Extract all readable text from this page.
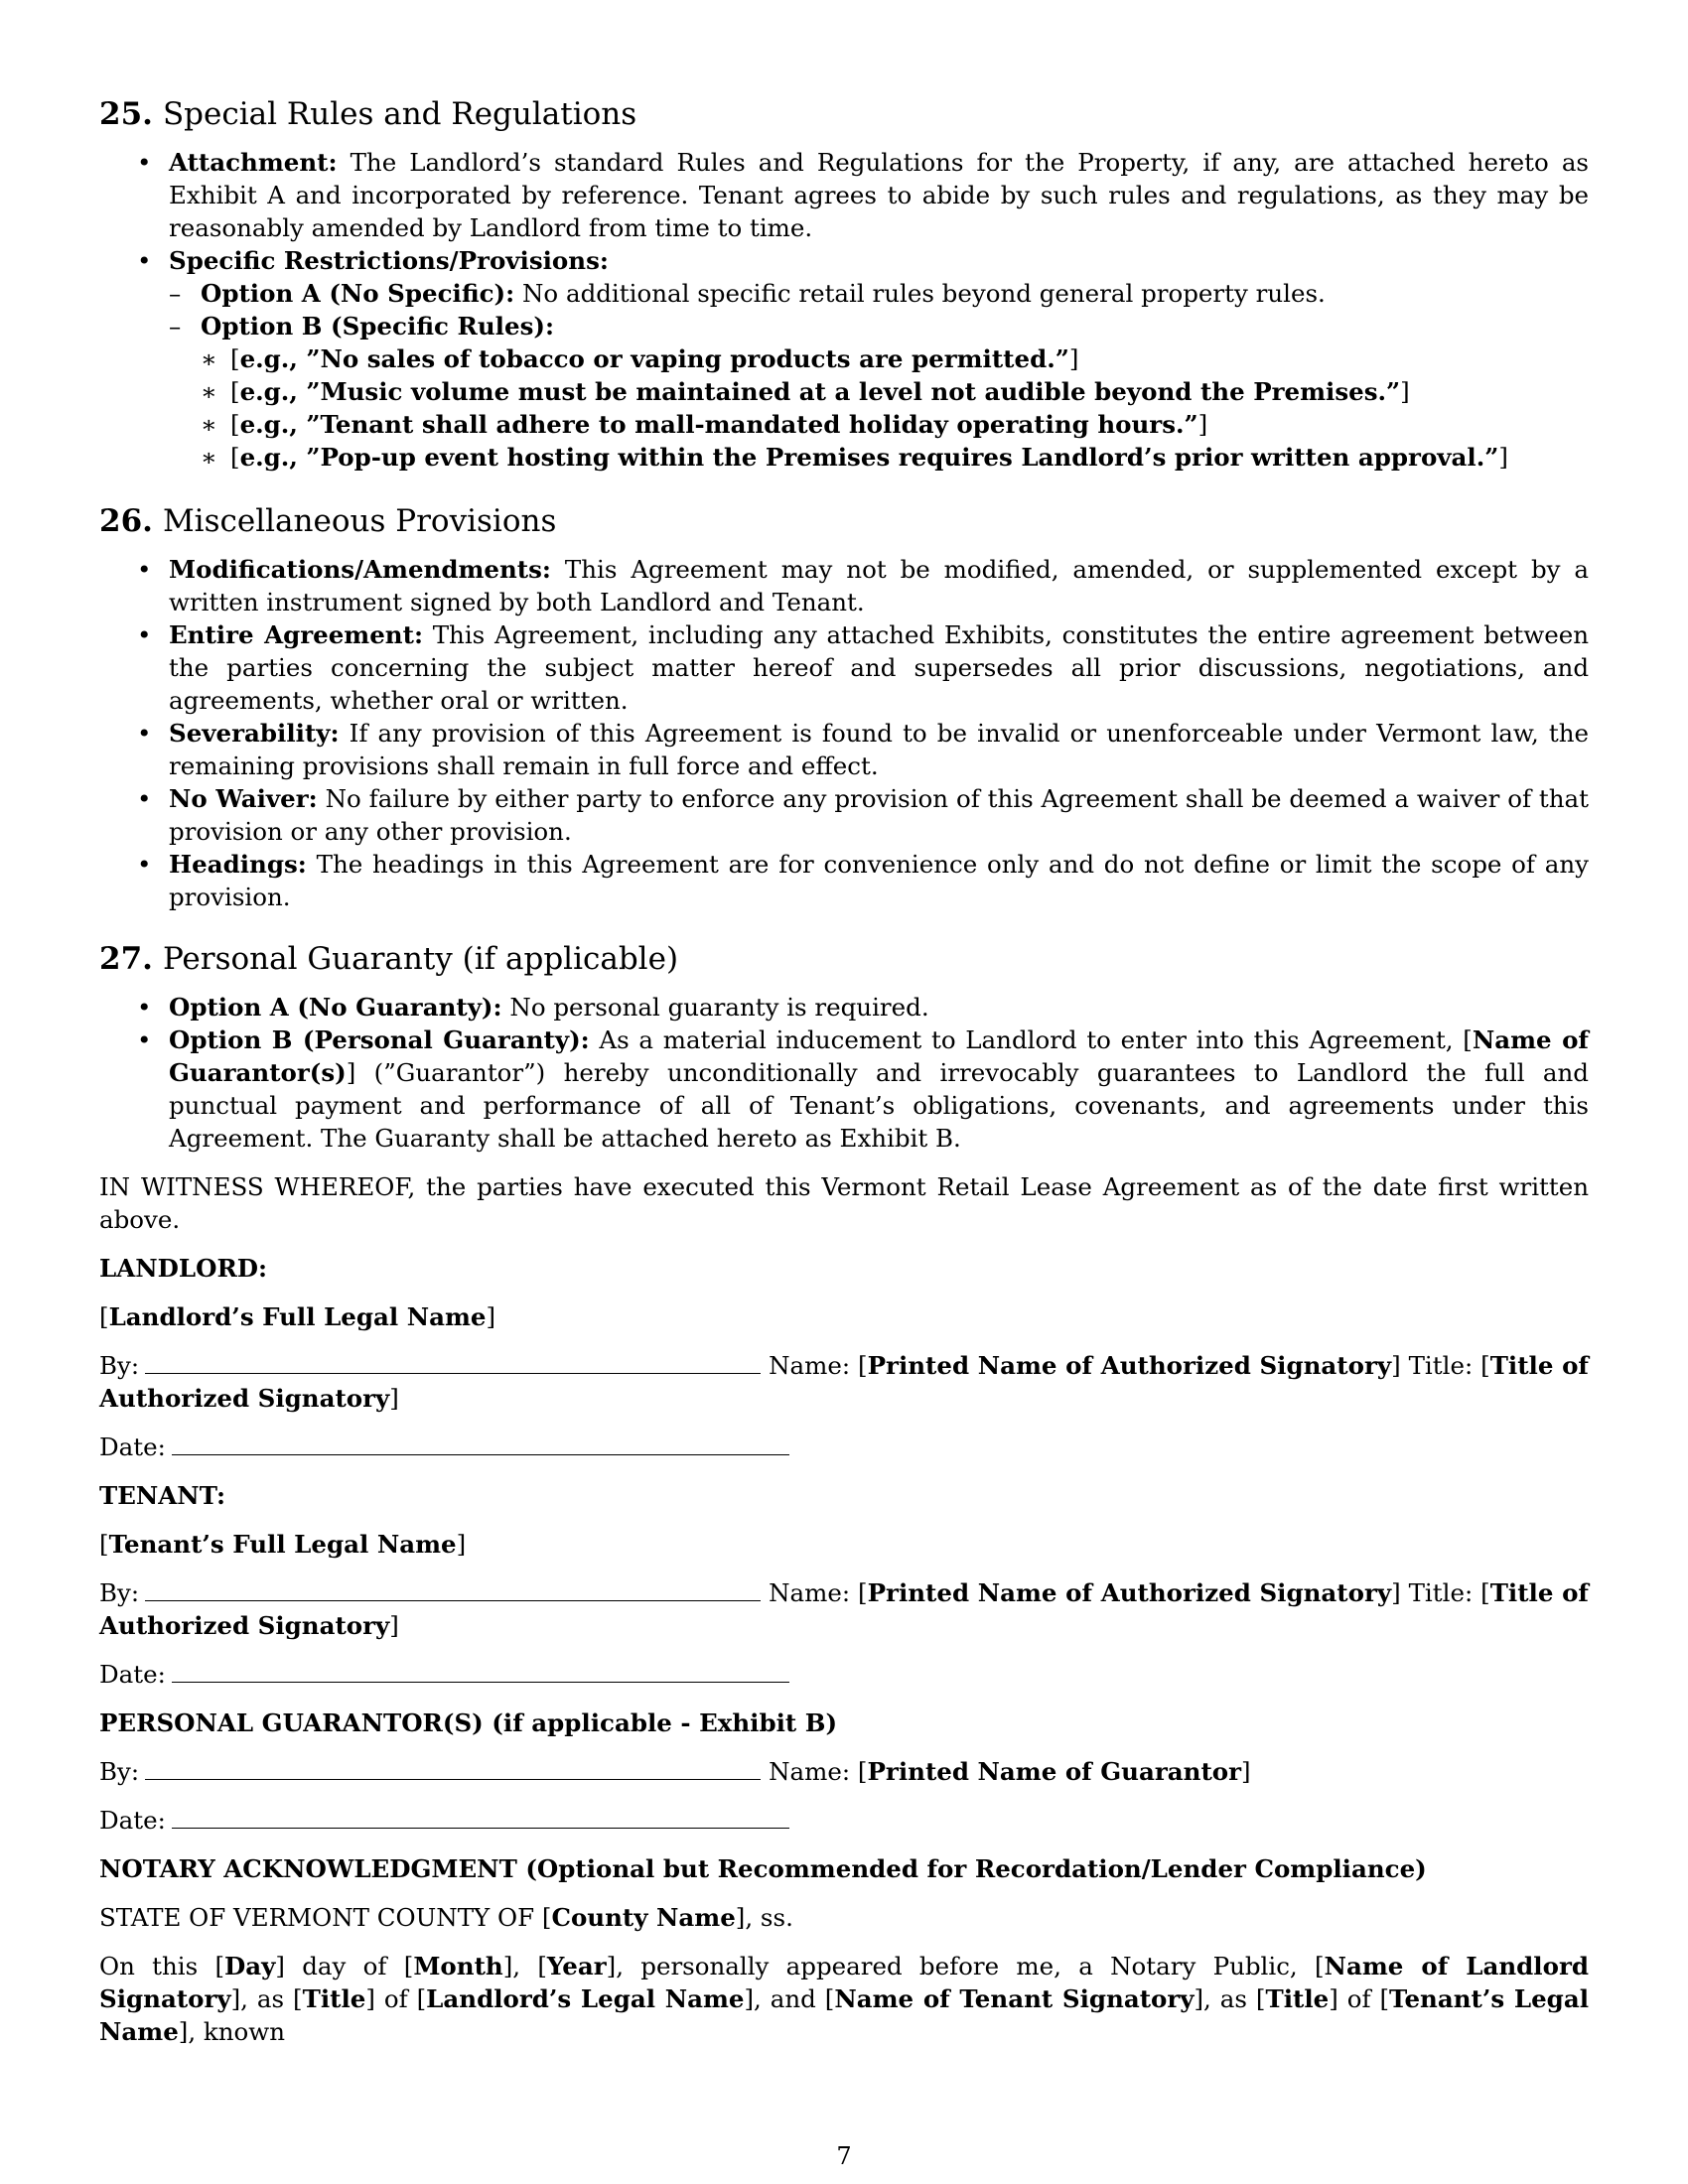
25. Special Rules and Regulations
• Attachment: The Landlord’s standard Rules and Regulations for the Property, if any, are attached hereto as Exhibit A and incorporated by reference. Tenant agrees to abide by such rules and regulations, as they may be reasonably amended by Landlord from time to time.
• Specific Restrictions/Provisions:
– Option A (No Specific): No additional specific retail rules beyond general property rules.
– Option B (Specific Rules):
∗ [e.g., ”No sales of tobacco or vaping products are permitted.”]
∗ [e.g., ”Music volume must be maintained at a level not audible beyond the Premises.”]
∗ [e.g., ”Tenant shall adhere to mall-mandated holiday operating hours.”]
∗ [e.g., ”Pop-up event hosting within the Premises requires Landlord’s prior written approval.”]
26. Miscellaneous Provisions
• Modifications/Amendments: This Agreement may not be modified, amended, or supplemented except by a written instrument signed by both Landlord and Tenant.
• Entire Agreement: This Agreement, including any attached Exhibits, constitutes the entire agreement between the parties concerning the subject matter hereof and supersedes all prior discussions, negotiations, and agreements, whether oral or written.
• Severability: If any provision of this Agreement is found to be invalid or unenforceable under Vermont law, the remaining provisions shall remain in full force and effect.
• No Waiver: No failure by either party to enforce any provision of this Agreement shall be deemed a waiver of that provision or any other provision.
• Headings: The headings in this Agreement are for convenience only and do not define or limit the scope of any provision.
27. Personal Guaranty (if applicable)
• Option A (No Guaranty): No personal guaranty is required.
• Option B (Personal Guaranty): As a material inducement to Landlord to enter into this Agreement, [Name of Guarantor(s)] (”Guarantor”) hereby unconditionally and irrevocably guarantees to Landlord the full and punctual payment and performance of all of Tenant’s obligations, covenants, and agreements under this Agreement. The Guaranty shall be attached hereto as Exhibit B.

IN WITNESS WHEREOF, the parties have executed this Vermont Retail Lease Agreement as of the date first written above.

LANDLORD:

[Landlord’s Full Legal Name]

By:	Name: [Printed Name of Authorized Signatory] Title: [Title of Authorized Signatory]

Date:

TENANT:

[Tenant’s Full Legal Name]

By:	Name: [Printed Name of Authorized Signatory] Title: [Title of Authorized Signatory]

Date:

PERSONAL GUARANTOR(S) (if applicable - Exhibit B)

By:	Name: [Printed Name of Guarantor]

Date:

NOTARY ACKNOWLEDGMENT (Optional but Recommended for Recordation/Lender Compliance)

STATE OF VERMONT COUNTY OF [County Name], ss.

On this [Day] day of [Month], [Year], personally appeared before me, a Notary Public, [Name of Landlord Signatory], as [Title] of [Landlord’s Legal Name], and [Name of Tenant Signatory], as [Title] of [Tenant’s Legal Name], known

7
